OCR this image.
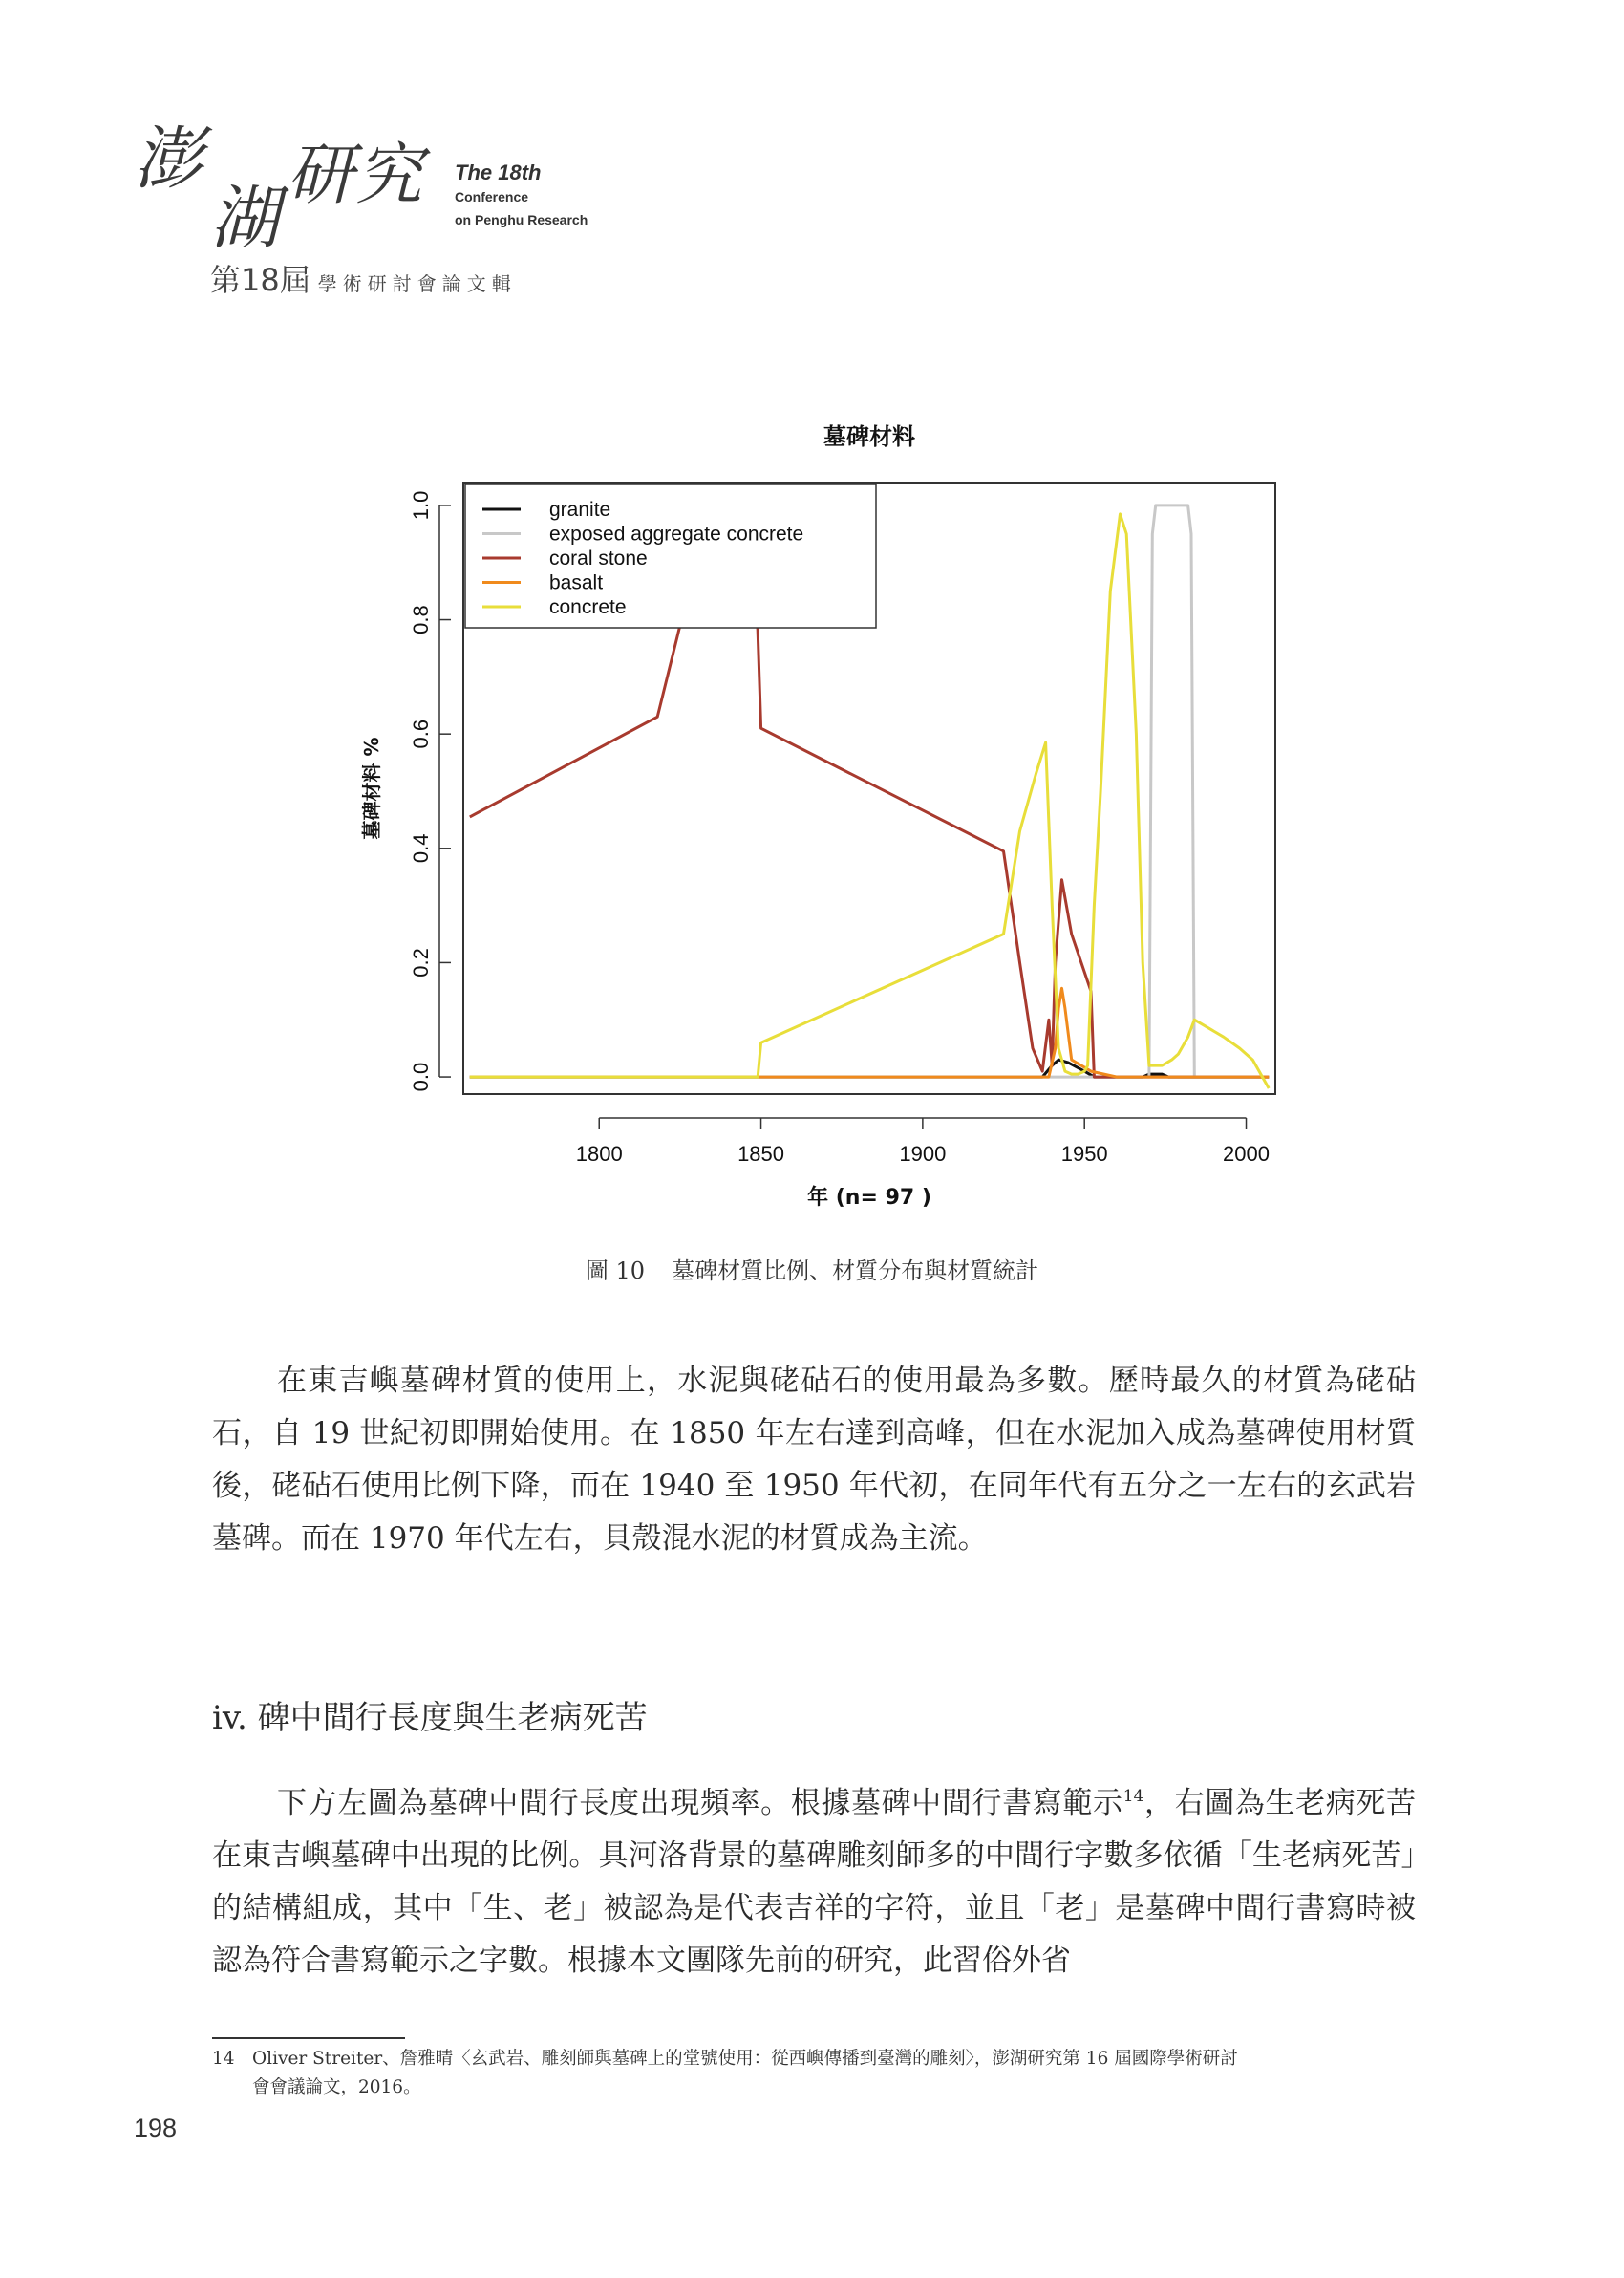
澎
湖
研究 The 18th
Conference
on Penghu Research
第18屆 學術研討會論文輯
墓碑材料
1800	1850	1900	1950	2000
年 (n= 97 )
0.0
0.2
0.4
0.6
0.8
1.0
墓碑材料 %
granite
exposed aggregate concrete
coral stone
basalt
concrete
圖 10 墓碑材質比例、材質分布與材質統計

在東吉嶼墓碑材質的使用上，水泥與硓砧石的使用最為多數。歷時最久的材質為硓砧石，自 19 世紀初即開始使用。在 1850 年左右達到高峰，但在水泥加入成為墓碑使用材質後，硓砧石使用比例下降，而在 1940 至 1950 年代初，在同年代有五分之一左右的玄武岩墓碑。而在 1970 年代左右，貝殼混水泥的材質成為主流。

iv. 碑中間行長度與生老病死苦

下方左圖為墓碑中間行長度出現頻率。根據墓碑中間行書寫範示$^{14}$，右圖為生老病死苦在東吉嶼墓碑中出現的比例。具河洛背景的墓碑雕刻師多的中間行字數多依循「生老病死苦」的結構組成，其中「生、老」被認為是代表吉祥的字符，並且「老」是墓碑中間行書寫時被認為符合書寫範示之字數。根據本文團隊先前的研究，此習俗外省

14 Oliver Streiter、詹雅晴〈玄武岩、雕刻師與墓碑上的堂號使用：從西嶼傳播到臺灣的雕刻〉，澎湖研究第 16 屆國際學術研討
會會議論文，2016。
198
